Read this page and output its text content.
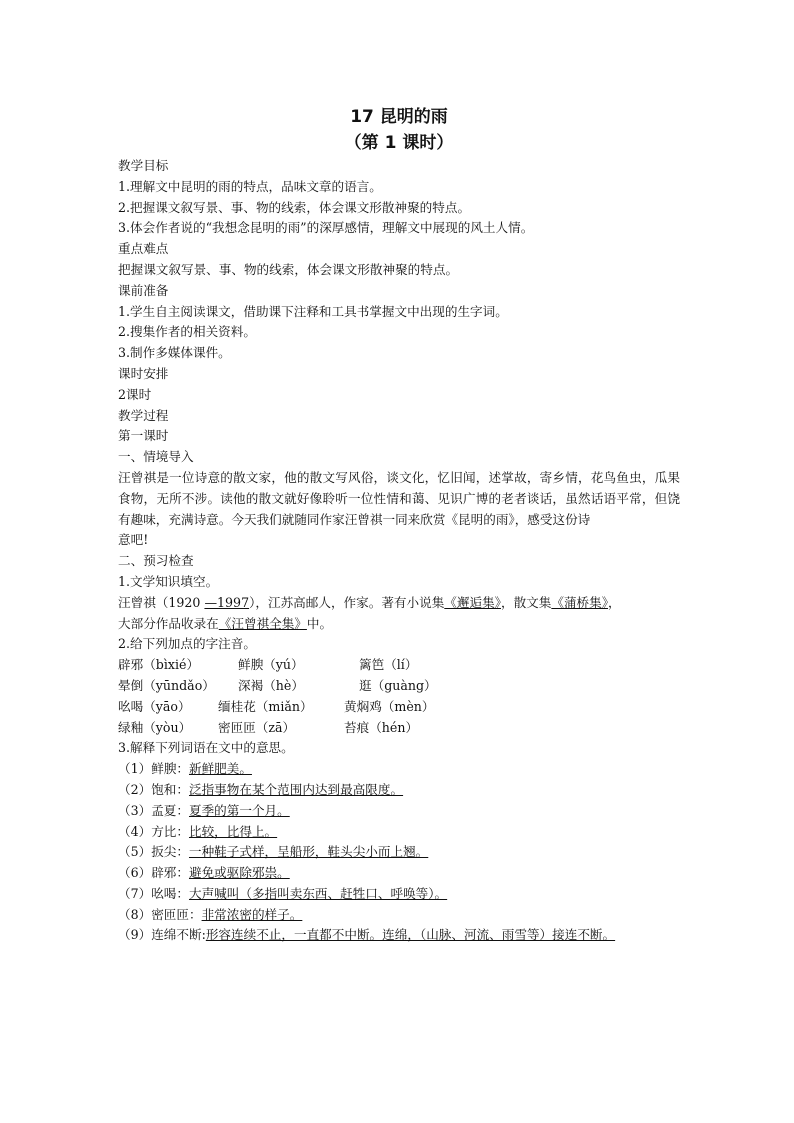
17 昆明的雨
（第 1 课时）
教学目标
1.理解文中昆明的雨的特点，品味文章的语言。
2.把握课文叙写景、事、物的线索，体会课文形散神聚的特点。
3.体会作者说的“我想念昆明的雨”的深厚感情，理解文中展现的风土人情。
重点难点
把握课文叙写景、事、物的线索，体会课文形散神聚的特点。
课前准备
1.学生自主阅读课文，借助课下注释和工具书掌握文中出现的生字词。
2.搜集作者的相关资料。
3.制作多媒体课件。
课时安排
2课时
教学过程
第一课时
一、情境导入
汪曾祺是一位诗意的散文家，他的散文写风俗，谈文化，忆旧闻，述掌故，寄乡情，花鸟鱼虫，瓜果食物，无所不涉。读他的散文就好像聆听一位性情和蔼、见识广博的老者谈话，虽然话语平常，但饶有趣味，充满诗意。今天我们就随同作家汪曾祺一同来欣赏《昆明的雨》，感受这份诗
意吧!
二、预习检查
1.文学知识填空。
汪曾祺（1920 —1997），江苏高邮人，作家。著有小说集《邂逅集》，散文集《蒲桥集》，
大部分作品收录在《汪曾祺全集》中。
2.给下列加点的字注音。
辟邪（bìxié）	鲜腴（yú）	篱笆（lí）
晕倒（yūndǎo） 深褐（hè）	逛（guàng）
吆喝（yāo） 缅桂花（miǎn） 黄焖鸡（mèn）
绿釉（yòu） 密匝匝（zā）	苔痕（hén）
3.解释下列词语在文中的意思。
（1）鲜腴：新鲜肥美。
（2）饱和：泛指事物在某个范围内达到最高限度。
（3）孟夏：夏季的第一个月。
（4）方比：比较，比得上。
（5）扳尖：一种鞋子式样，呈船形，鞋头尖小而上翘。
（6）辟邪：避免或驱除邪祟。
（7）吆喝：大声喊叫（多指叫卖东西、赶牲口、呼唤等）。
（8）密匝匝：非常浓密的样子。
（9）连绵不断:形容连续不止，一直都不中断。连绵，（山脉、河流、雨雪等）接连不断。
